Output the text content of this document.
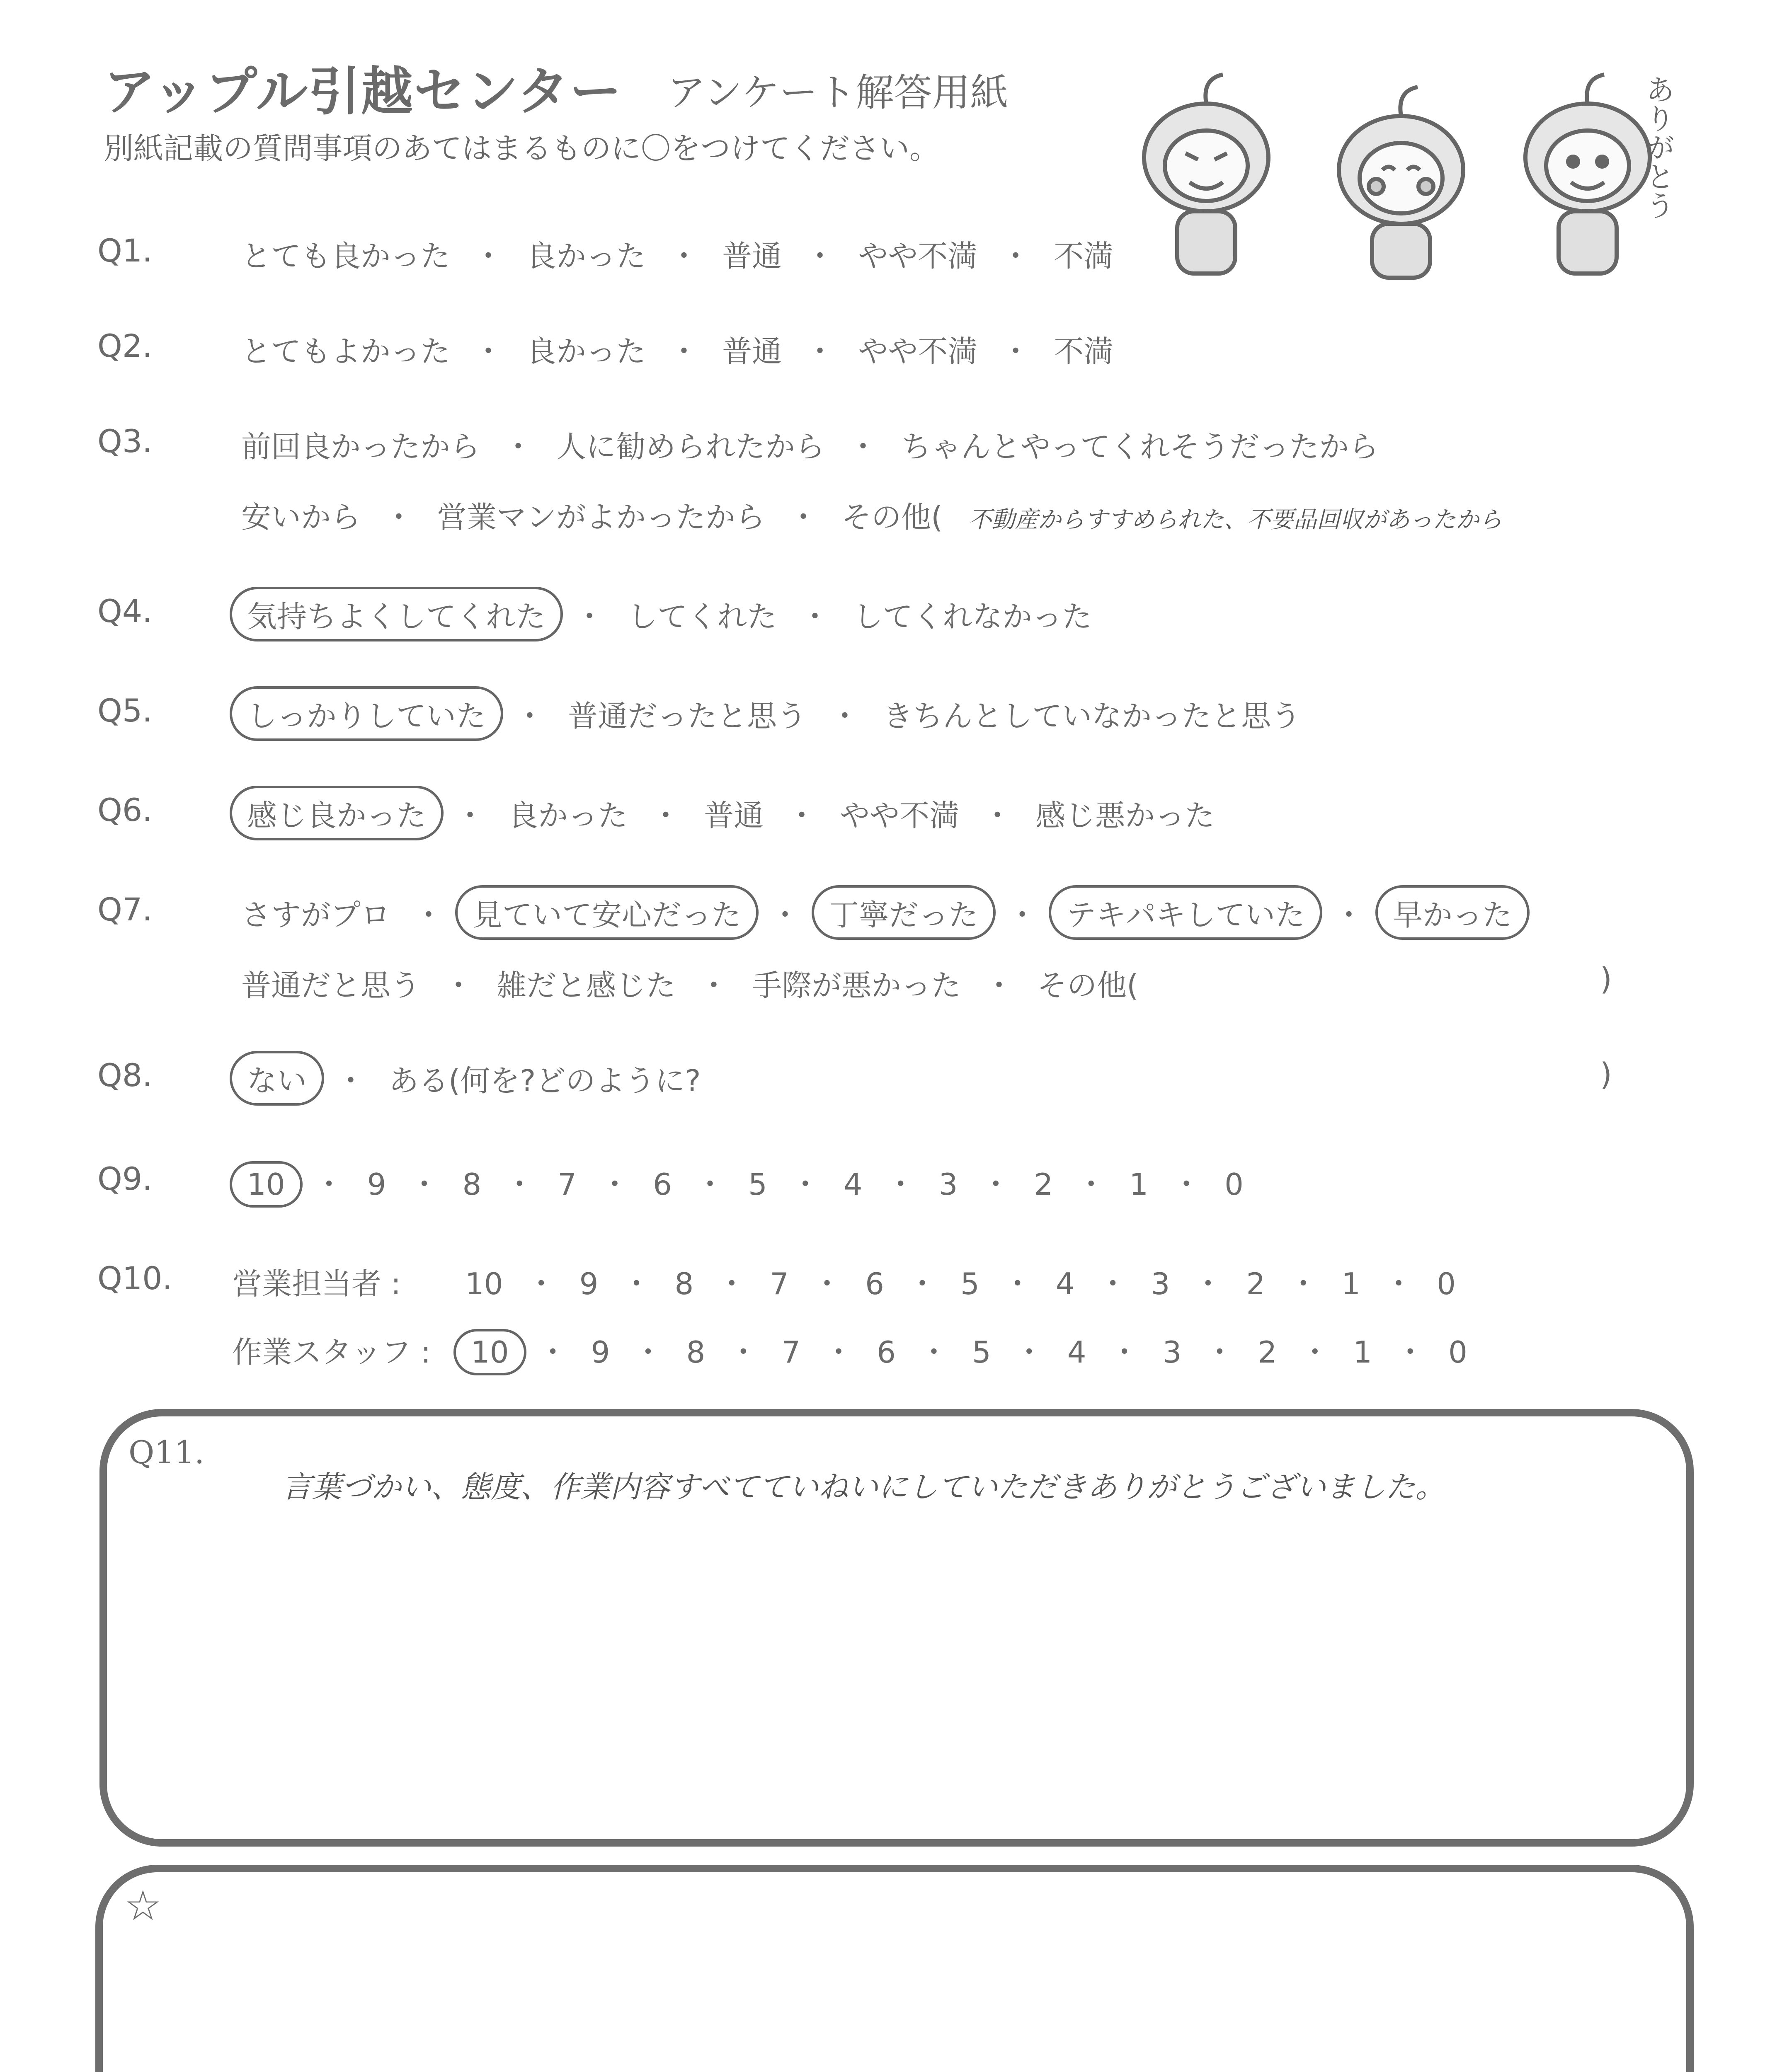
アップル引越センター アンケート解答用紙
別紙記載の質問事項のあてはまるものに〇をつけてください。	ありがとう
Q1.	とても良かった ・ 良かった ・ 普通 ・ やや不満 ・ 不満
Q2.	とてもよかった ・ 良かった ・ 普通 ・ やや不満 ・ 不満
Q3.	前回良かったから ・ 人に勧められたから ・ ちゃんとやってくれそうだったから
安いから ・ 営業マンがよかったから ・ その他( 不動産からすすめられた、不要品回収があったから
Q4.	気持ちよくしてくれた ・ してくれた ・ してくれなかった
Q5.	しっかりしていた ・ 普通だったと思う ・ きちんとしていなかったと思う
Q6.	感じ良かった ・ 良かった ・ 普通 ・ やや不満 ・ 感じ悪かった
Q7.	さすがプロ ・ 見ていて安心だった ・ 丁寧だった ・ テキパキしていた ・ 早かった
普通だと思う ・ 雑だと感じた ・ 手際が悪かった ・ その他(	)
Q8.	ない ・ ある(何を?どのように?	)
Q9.	10 ・ 9 ・ 8 ・ 7 ・ 6 ・ 5 ・ 4 ・ 3 ・ 2 ・ 1 ・ 0
Q10. 営業担当者 : 10 ・ 9 ・ 8 ・ 7 ・ 6 ・ 5 ・ 4 ・ 3 ・ 2 ・ 1 ・ 0
作業スタッフ : 10 ・ 9 ・ 8 ・ 7 ・ 6 ・ 5 ・ 4 ・ 3 ・ 2 ・ 1 ・ 0
Q11.
言葉づかい、態度、作業内容すべてていねいにしていただきありがとうございました。
☆
